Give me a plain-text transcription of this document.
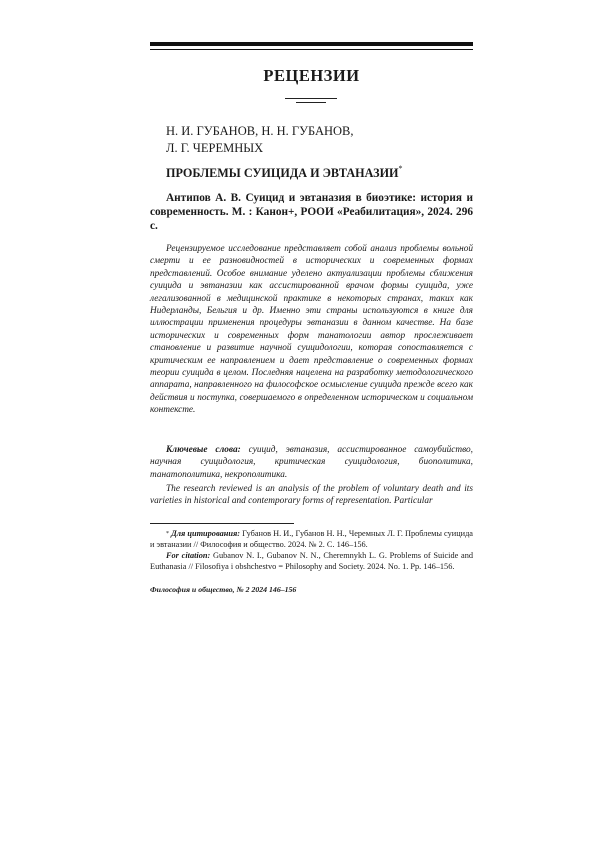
РЕЦЕНЗИИ
Н. И. ГУБАНОВ, Н. Н. ГУБАНОВ,
Л. Г. ЧЕРЕМНЫХ
ПРОБЛЕМЫ СУИЦИДА И ЭВТАНАЗИИ*
Антипов А. В. Суицид и эвтаназия в биоэтике: история и современность. М. : Канон+, РООИ «Реабилитация», 2024. 296 с.
Рецензируемое исследование представляет собой анализ проблемы вольной смерти и ее разновидностей в исторических и современных формах представлений. Особое внимание уделено актуализации проблемы сближения суицида и эвтаназии как ассистированной врачом формы суицида, уже легализованной в медицинской практике в некоторых странах, таких как Нидерланды, Бельгия и др. Именно эти страны используются в книге для иллюстрации применения процедуры эвтаназии в данном качестве. На базе исторических и современных форм танатологии автор прослеживает становление и развитие научной суицидологии, которая сопоставляется с критическим ее направлением и дает представление о современных формах теории суицида в целом. Последняя нацелена на разработку методологического аппарата, направленного на философское осмысление суицида прежде всего как действия и поступка, совершаемого в определенном историческом и социальном контексте.
Ключевые слова: суицид, эвтаназия, ассистированное самоубийство, научная суицидология, критическая суицидология, биополитика, танатополитика, некрополитика.
The research reviewed is an analysis of the problem of voluntary death and its varieties in historical and contemporary forms of representation. Particular
* Для цитирования: Губанов Н. И., Губанов Н. Н., Черемных Л. Г. Проблемы суицида и эвтаназии // Философия и общество. 2024. № 2. С. 146–156.
For citation: Gubanov N. I., Gubanov N. N., Cheremnykh L. G. Problems of Suicide and Euthanasia // Filosofiya i obshchestvo = Philosophy and Society. 2024. No. 1. Pp. 146–156.
Философия и общество, № 2 2024 146–156
